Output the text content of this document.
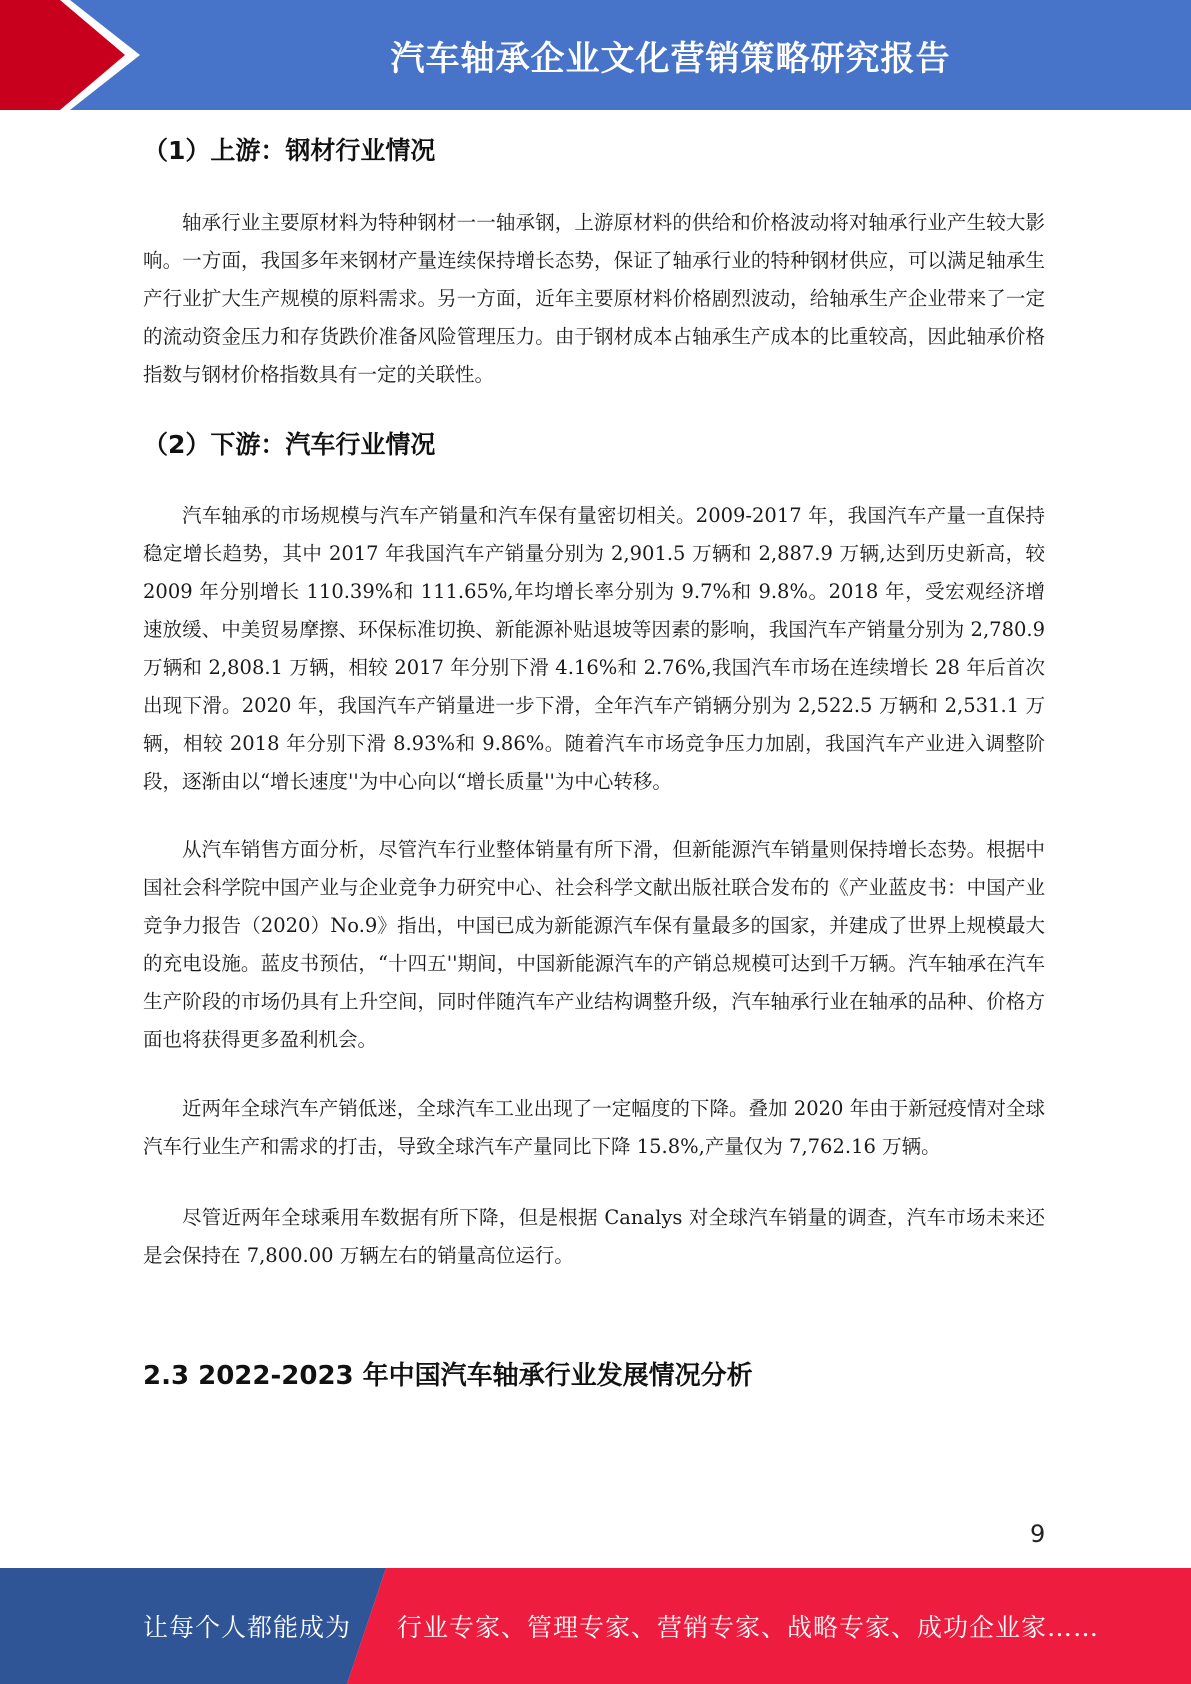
汽车轴承企业文化营销策略研究报告
（1）上游：钢材行业情况

轴承行业主要原材料为特种钢材一一轴承钢，上游原材料的供给和价格波动将对轴承行业产生较大影响。一方面，我国多年来钢材产量连续保持增长态势，保证了轴承行业的特种钢材供应，可以满足轴承生产行业扩大生产规模的原料需求。另一方面，近年主要原材料价格剧烈波动，给轴承生产企业带来了一定的流动资金压力和存货跌价准备风险管理压力。由于钢材成本占轴承生产成本的比重较高，因此轴承价格指数与钢材价格指数具有一定的关联性。

（2）下游：汽车行业情况

汽车轴承的市场规模与汽车产销量和汽车保有量密切相关。2009-2017 年，我国汽车产量一直保持稳定增长趋势，其中 2017 年我国汽车产销量分别为 2,901.5 万辆和 2,887.9 万辆,达到历史新高，较 2009 年分别增长 110.39%和 111.65%,年均增长率分别为 9.7%和 9.8%。2018 年，受宏观经济增速放缓、中美贸易摩擦、环保标准切换、新能源补贴退坡等因素的影响，我国汽车产销量分别为 2,780.9 万辆和 2,808.1 万辆，相较 2017 年分别下滑 4.16%和 2.76%,我国汽车市场在连续增长 28 年后首次出现下滑。2020 年，我国汽车产销量进一步下滑，全年汽车产销辆分别为 2,522.5 万辆和 2,531.1 万辆，相较 2018 年分别下滑 8.93%和 9.86%。随着汽车市场竞争压力加剧，我国汽车产业进入调整阶段，逐渐由以“增长速度''为中心向以“增长质量''为中心转移。

从汽车销售方面分析，尽管汽车行业整体销量有所下滑，但新能源汽车销量则保持增长态势。根据中国社会科学院中国产业与企业竞争力研究中心、社会科学文献出版社联合发布的《产业蓝皮书：中国产业竞争力报告（2020）No.9》指出，中国已成为新能源汽车保有量最多的国家，并建成了世界上规模最大的充电设施。蓝皮书预估，“十四五''期间，中国新能源汽车的产销总规模可达到千万辆。汽车轴承在汽车生产阶段的市场仍具有上升空间，同时伴随汽车产业结构调整升级，汽车轴承行业在轴承的品种、价格方面也将获得更多盈利机会。

近两年全球汽车产销低迷，全球汽车工业出现了一定幅度的下降。叠加 2020 年由于新冠疫情对全球汽车行业生产和需求的打击，导致全球汽车产量同比下降 15.8%,产量仅为 7,762.16 万辆。

尽管近两年全球乘用车数据有所下降，但是根据 Canalys 对全球汽车销量的调查，汽车市场未来还是会保持在 7,800.00 万辆左右的销量高位运行。

2.3 2022-2023 年中国汽车轴承行业发展情况分析
9
让每个人都能成为 行业专家、管理专家、营销专家、战略专家、成功企业家……
